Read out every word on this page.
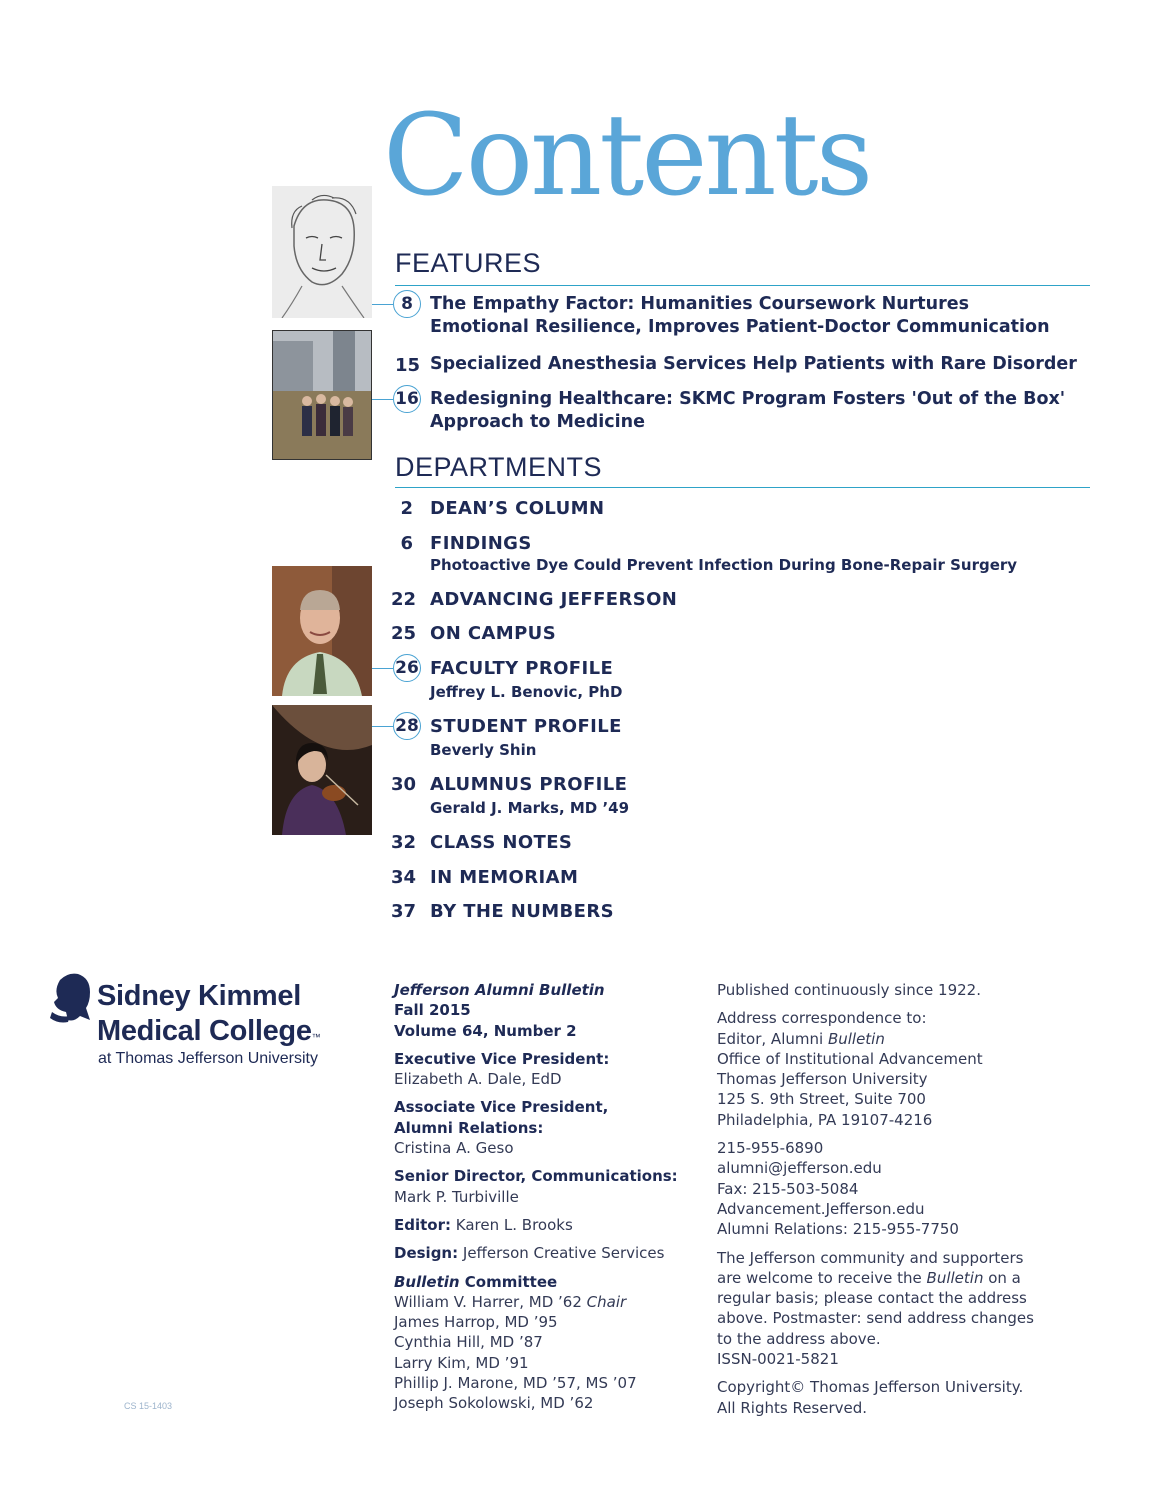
Contents
FEATURES
8 The Empathy Factor: Humanities Coursework Nurtures
Emotional Resilience, Improves Patient-Doctor Communication
15 Specialized Anesthesia Services Help Patients with Rare Disorder
16 Redesigning Healthcare: SKMC Program Fosters 'Out of the Box'
Approach to Medicine
DEPARTMENTS
2 DEAN’S COLUMN
6 FINDINGS
Photoactive Dye Could Prevent Infection During Bone-Repair Surgery
22 ADVANCING JEFFERSON
25 ON CAMPUS
26 FACULTY PROFILE
Jeffrey L. Benovic, PhD
28 STUDENT PROFILE
Beverly Shin
30 ALUMNUS PROFILE
Gerald J. Marks, MD ’49
32 CLASS NOTES
34 IN MEMORIAM
37 BY THE NUMBERS
Sidney Kimmel
Medical College™
at Thomas Jefferson University
Jefferson Alumni Bulletin
Fall 2015
Volume 64, Number 2
Executive Vice President:
Elizabeth A. Dale, EdD
Associate Vice President,
Alumni Relations:
Cristina A. Geso
Senior Director, Communications:
Mark P. Turbiville
Editor: Karen L. Brooks
Design: Jefferson Creative Services
Bulletin Committee
William V. Harrer, MD ’62 Chair
James Harrop, MD ’95
Cynthia Hill, MD ’87
Larry Kim, MD ’91
Phillip J. Marone, MD ’57, MS ’07
Joseph Sokolowski, MD ’62
Published continuously since 1922.
Address correspondence to:
Editor, Alumni Bulletin
Office of Institutional Advancement
Thomas Jefferson University
125 S. 9th Street, Suite 700
Philadelphia, PA 19107-4216
215-955-6890
alumni@jefferson.edu
Fax: 215-503-5084
Advancement.Jefferson.edu
Alumni Relations: 215-955-7750
The Jefferson community and supporters
are welcome to receive the Bulletin on a
regular basis; please contact the address
above. Postmaster: send address changes
to the address above.
ISSN-0021-5821
Copyright© Thomas Jefferson University.
All Rights Reserved.
CS 15-1403
